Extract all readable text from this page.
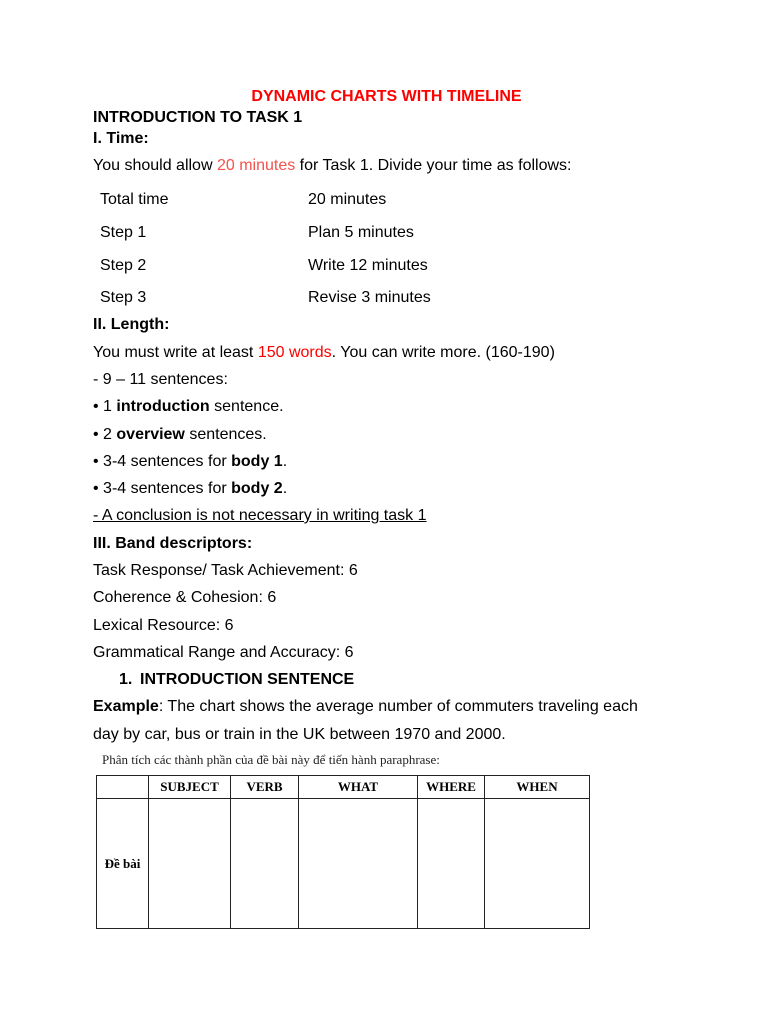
DYNAMIC CHARTS WITH TIMELINE
INTRODUCTION TO TASK 1
I. Time:
You should allow 20 minutes for Task 1. Divide your time as follows:
Total time	20 minutes
Step 1	Plan 5 minutes
Step 2	Write 12 minutes
Step 3	Revise 3 minutes
II. Length:
You must write at least 150 words. You can write more. (160-190)
- 9 – 11 sentences:
• 1 introduction sentence.
• 2 overview sentences.
• 3-4 sentences for body 1.
• 3-4 sentences for body 2.
- A conclusion is not necessary in writing task 1
III. Band descriptors:
Task Response/ Task Achievement: 6
Coherence & Cohesion: 6
Lexical Resource: 6
Grammatical Range and Accuracy: 6
1. INTRODUCTION SENTENCE
Example: The chart shows the average number of commuters traveling each
day by car, bus or train in the UK between 1970 and 2000.
Phân tích các thành phần của đề bài này để tiến hành paraphrase:
	SUBJECT	VERB	WHAT	WHERE	WHEN
Đề bài					
